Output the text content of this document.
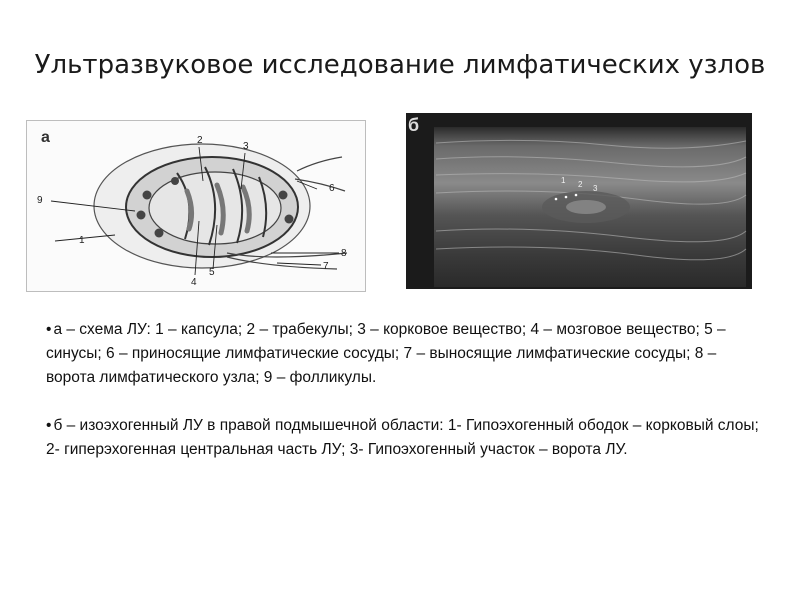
Ультразвуковое исследование лимфатических узлов
а
1
2
3
4
5
6
7
8
9
б
1 2 3

• а – схема ЛУ: 1 – капсула; 2 – трабекулы; 3 – корковое вещество; 4 – мозговое вещество; 5 – синусы; 6 – приносящие лимфатические сосуды; 7 – выносящие лимфатические сосуды; 8 – ворота лимфатического узла; 9 – фолликулы.

• б – изоэхогенный ЛУ в правой подмышечной области: 1- Гипоэхогенный ободок – корковый слоы; 2- гиперэхогенная центральная часть ЛУ; 3- Гипоэхогенный участок – ворота ЛУ.
